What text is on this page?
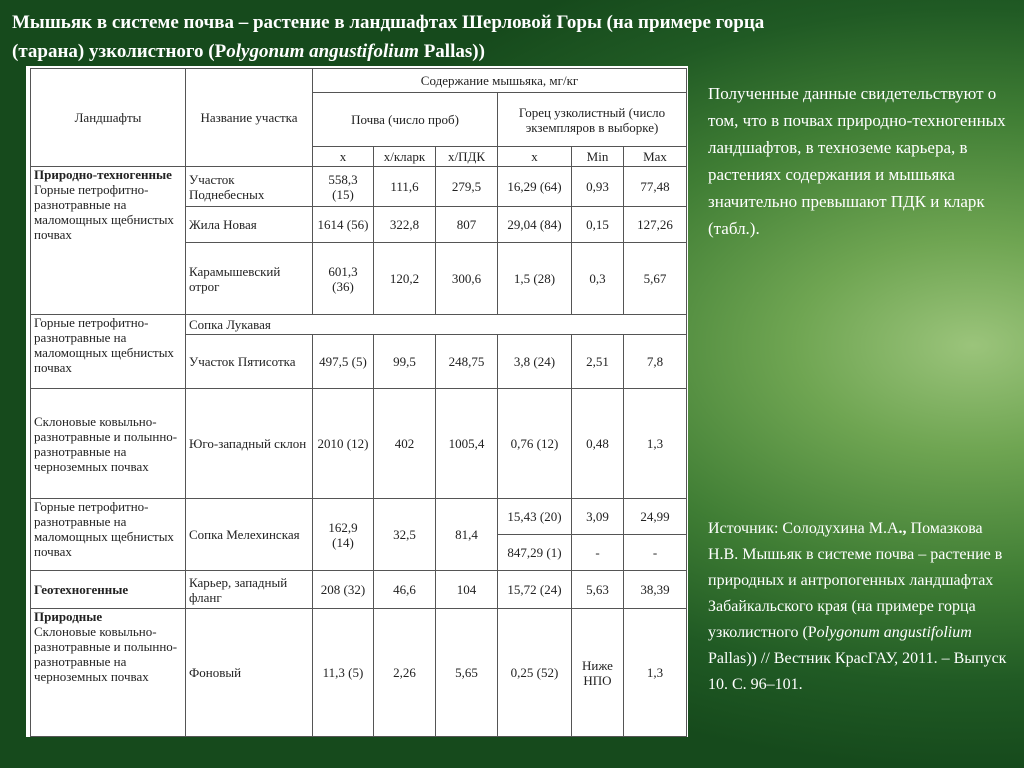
Мышьяк в системе почва – растение в ландшафтах Шерловой Горы (на примере горца
(тарана) узколистного (Polygonum angustifolium Pallas))
Ландшафты	Название участка	Содержание мышьяка, мг/кг					
		Почва (число проб)			Горец узколистный (число экземпляров в выборке)		
		x	x/кларк	x/ПДК	x	Min	Max
Природно-техногенные
Горные петрофитно-разнотравные на маломощных щебнистых почвах	Участок Поднебесных	558,3 (15)	111,6	279,5	16,29 (64)	0,93	77,48
	Жила Новая	1614 (56)	322,8	807	29,04 (84)	0,15	127,26
	Карамышевский отрог	601,3 (36)	120,2	300,6	1,5 (28)	0,3	5,67
Горные петрофитно-разнотравные на маломощных щебнистых почвах	Сопка Лукавая						
	Участок Пятисотка	497,5 (5)	99,5	248,75	3,8 (24)	2,51	7,8
Склоновые ковыльно-разнотравные и полынно-разнотравные на черноземных почвах	Юго-западный склон	2010 (12)	402	1005,4	0,76 (12)	0,48	1,3
Горные петрофитно-разнотравные на маломощных щебнистых почвах	Сопка Мелехинская	162,9 (14)	32,5	81,4	15,43 (20)	3,09	24,99
					847,29 (1)	-	-
Геотехногенные	Карьер, западный фланг	208 (32)	46,6	104	15,72 (24)	5,63	38,39
Природные
Склоновые ковыльно-разнотравные и полынно-разнотравные на черноземных почвах	Фоновый	11,3 (5)	2,26	5,65	0,25 (52)	Ниже НПО	1,3
Полученные данные свидетельствуют о том, что в почвах природно-техногенных ландшафтов, в техноземе карьера, в растениях содержания и мышьяка значительно превышают ПДК и кларк (табл.).
Источник: Солодухина М.А., Помазкова Н.В. Мышьяк в системе почва – растение в природных и антропогенных ландшафтах Забайкальского края (на примере горца узколистного (Polygonum angustifolium Pallas)) // Вестник КрасГАУ, 2011. – Выпуск 10. С. 96–101.
